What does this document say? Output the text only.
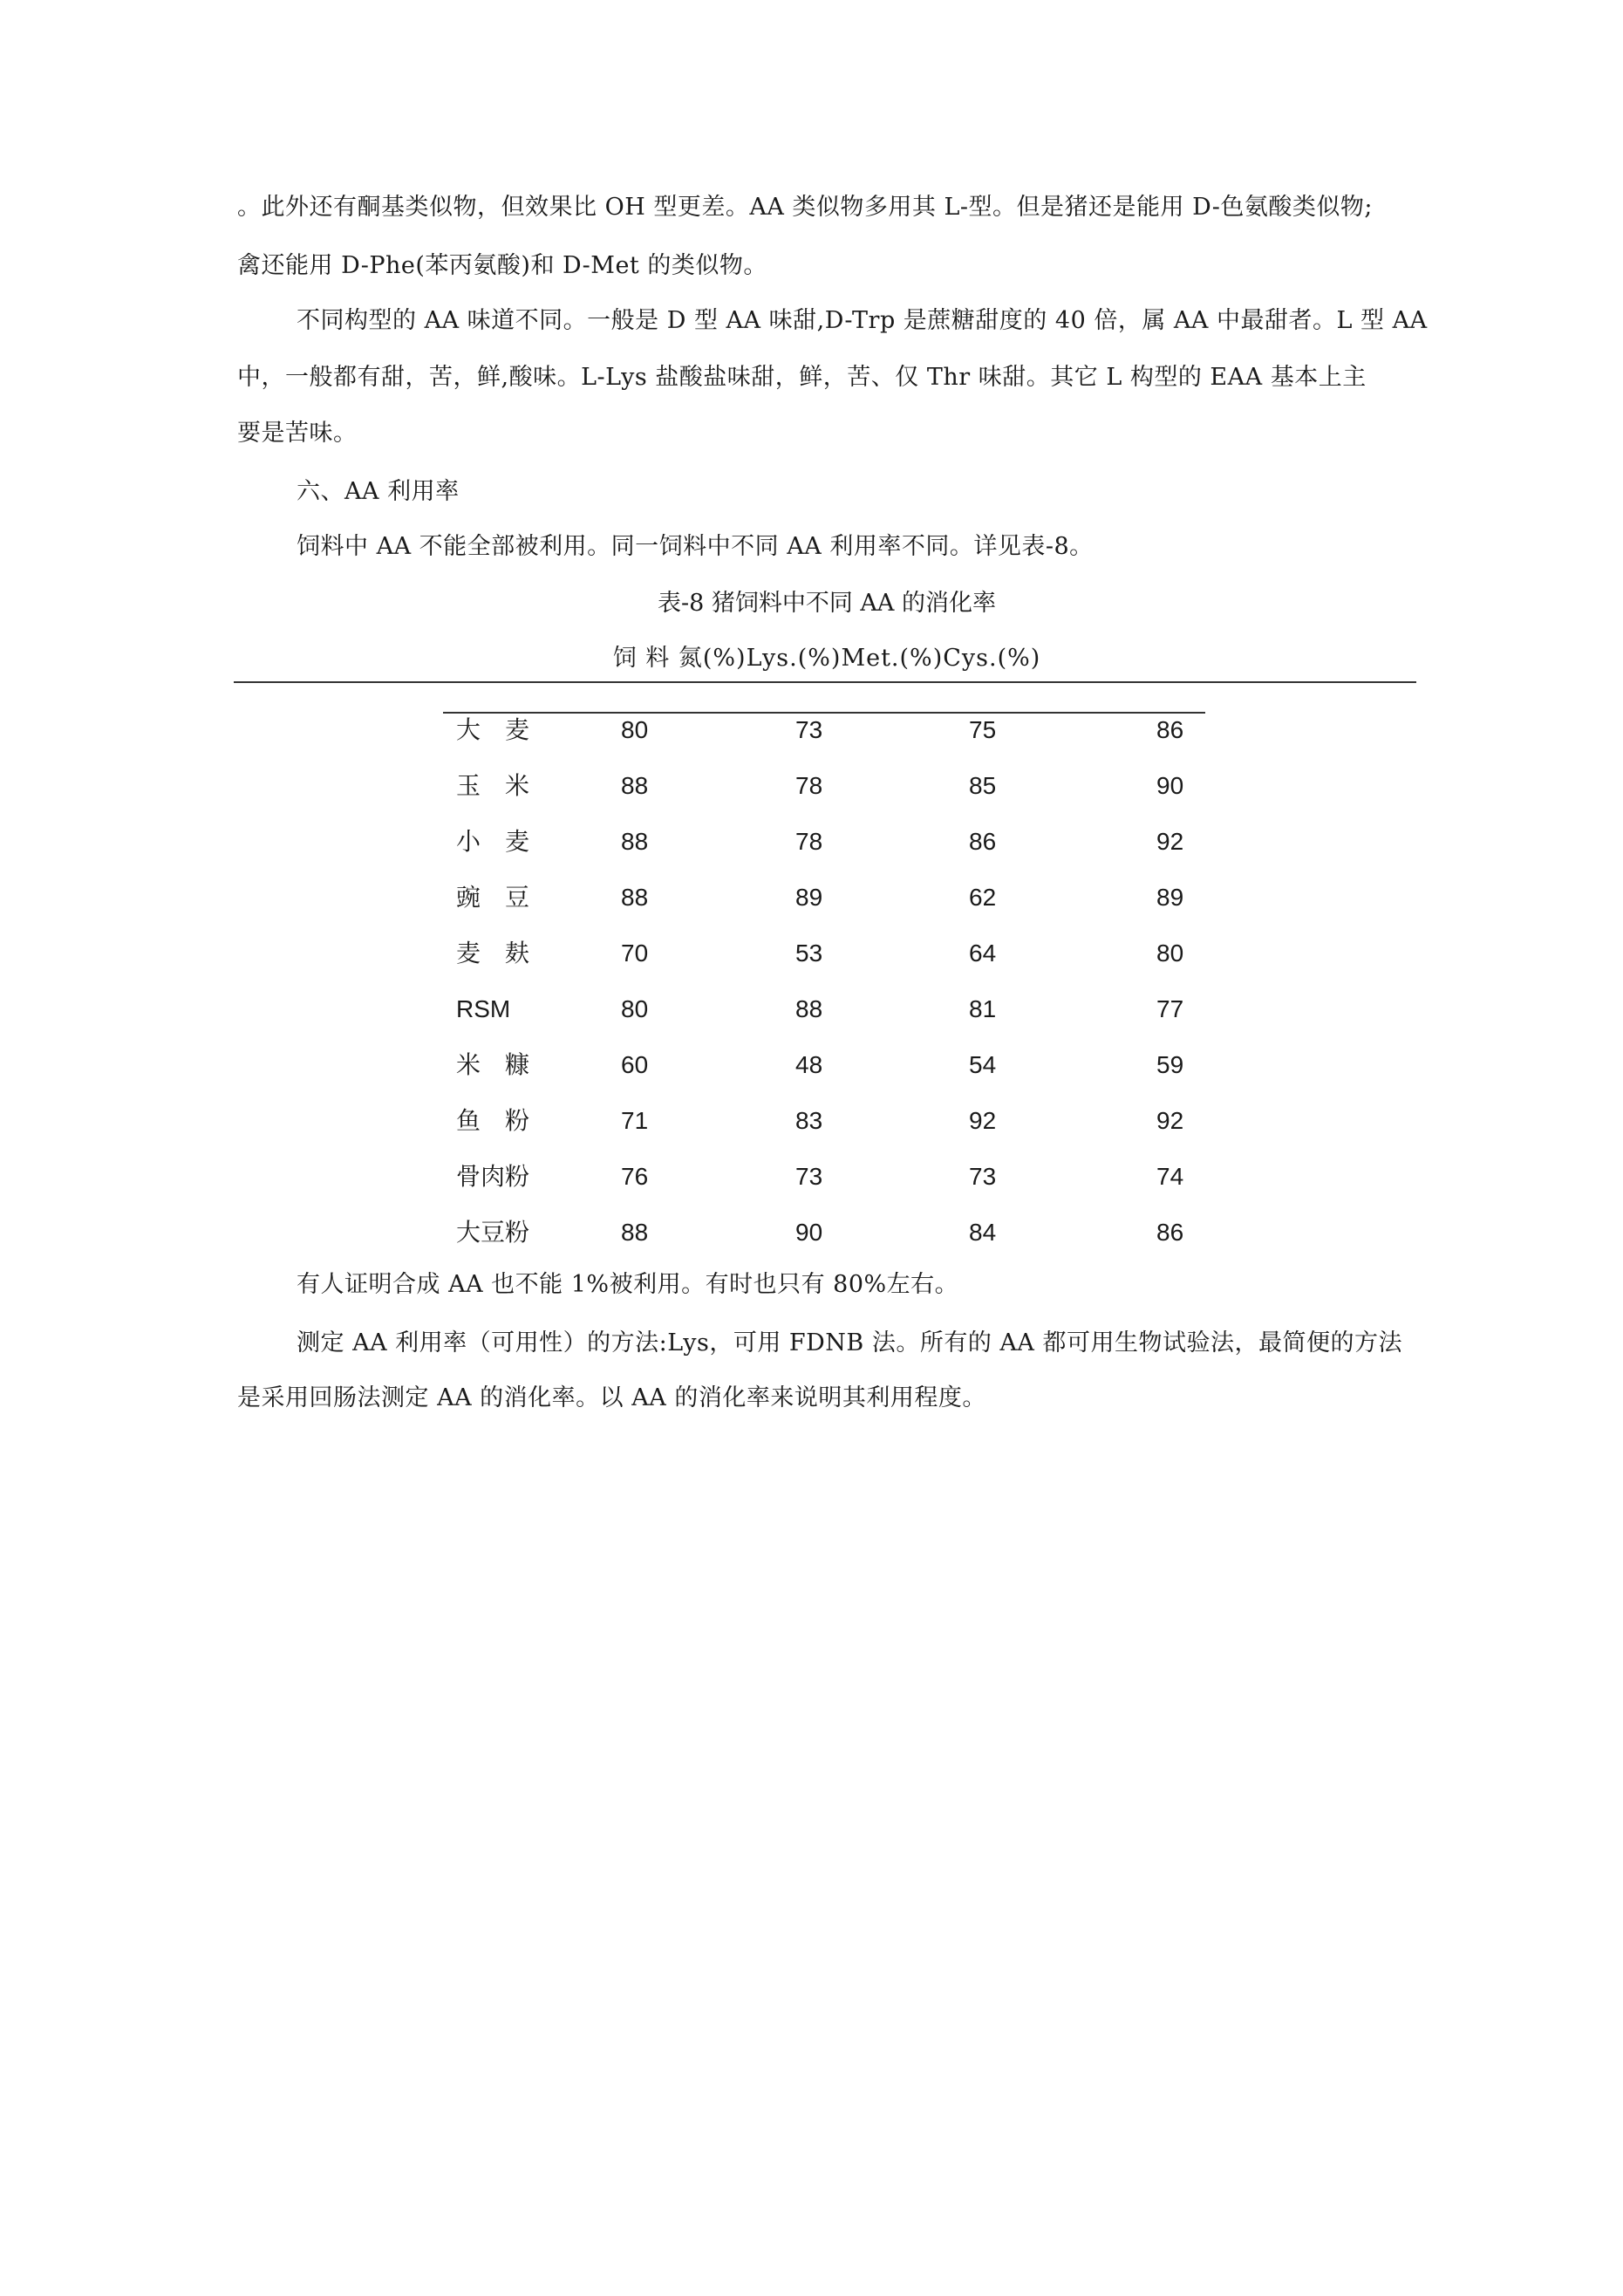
。此外还有酮基类似物，但效果比 OH 型更差。AA 类似物多用其 L-型。但是猪还是能用 D-色氨酸类似物;
禽还能用 D-Phe(苯丙氨酸)和 D-Met 的类似物。
不同构型的 AA 味道不同。一般是 D 型 AA 味甜,D-Trp 是蔗糖甜度的 40 倍，属 AA 中最甜者。L 型 AA
中，一般都有甜，苦，鲜,酸味。L-Lys 盐酸盐味甜，鲜，苦、仅 Thr 味甜。其它 L 构型的 EAA 基本上主
要是苦味。
六、AA 利用率
饲料中 AA 不能全部被利用。同一饲料中不同 AA 利用率不同。详见表-8。
表-8 猪饲料中不同 AA 的消化率
饲 料 氮(%)Lys.(%)Met.(%)Cys.(%)
大　麦	80	73	75	86
玉　米	88	78	85	90
小　麦	88	78	86	92
豌　豆	88	89	62	89
麦　麸	70	53	64	80
RSM	80	88	81	77
米　糠	60	48	54	59
鱼　粉	71	83	92	92
骨肉粉	76	73	73	74
大豆粉	88	90	84	86
有人证明合成 AA 也不能 1%被利用。有时也只有 80%左右。
测定 AA 利用率（可用性）的方法:Lys，可用 FDNB 法。所有的 AA 都可用生物试验法，最简便的方法
是采用回肠法测定 AA 的消化率。以 AA 的消化率来说明其利用程度。
